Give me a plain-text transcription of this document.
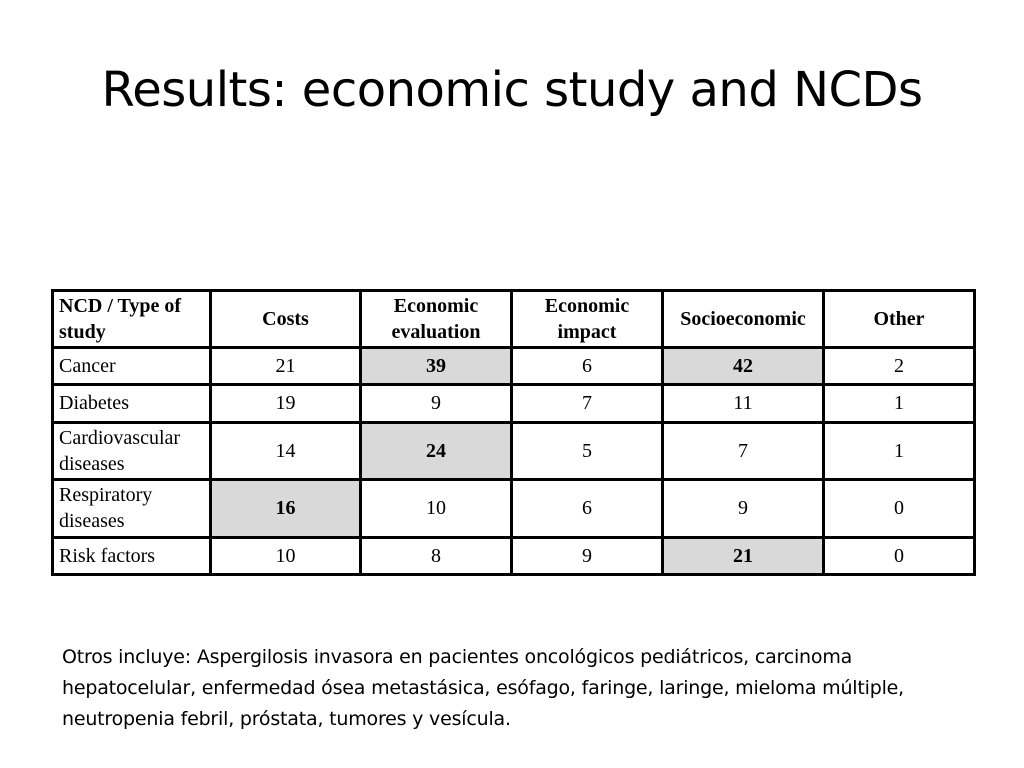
Results: economic study and NCDs
NCD / Type of study	Costs	Economic evaluation	Economic impact	Socioeconomic	Other
Cancer	21	39	6	42	2
Diabetes	19	9	7	11	1
Cardiovascular diseases	14	24	5	7	1
Respiratory diseases	16	10	6	9	0
Risk factors	10	8	9	21	0

Otros incluye: Aspergilosis invasora en pacientes oncológicos pediátricos, carcinoma hepatocelular, enfermedad ósea metastásica, esófago, faringe, laringe, mieloma múltiple, neutropenia febril, próstata, tumores y vesícula.
